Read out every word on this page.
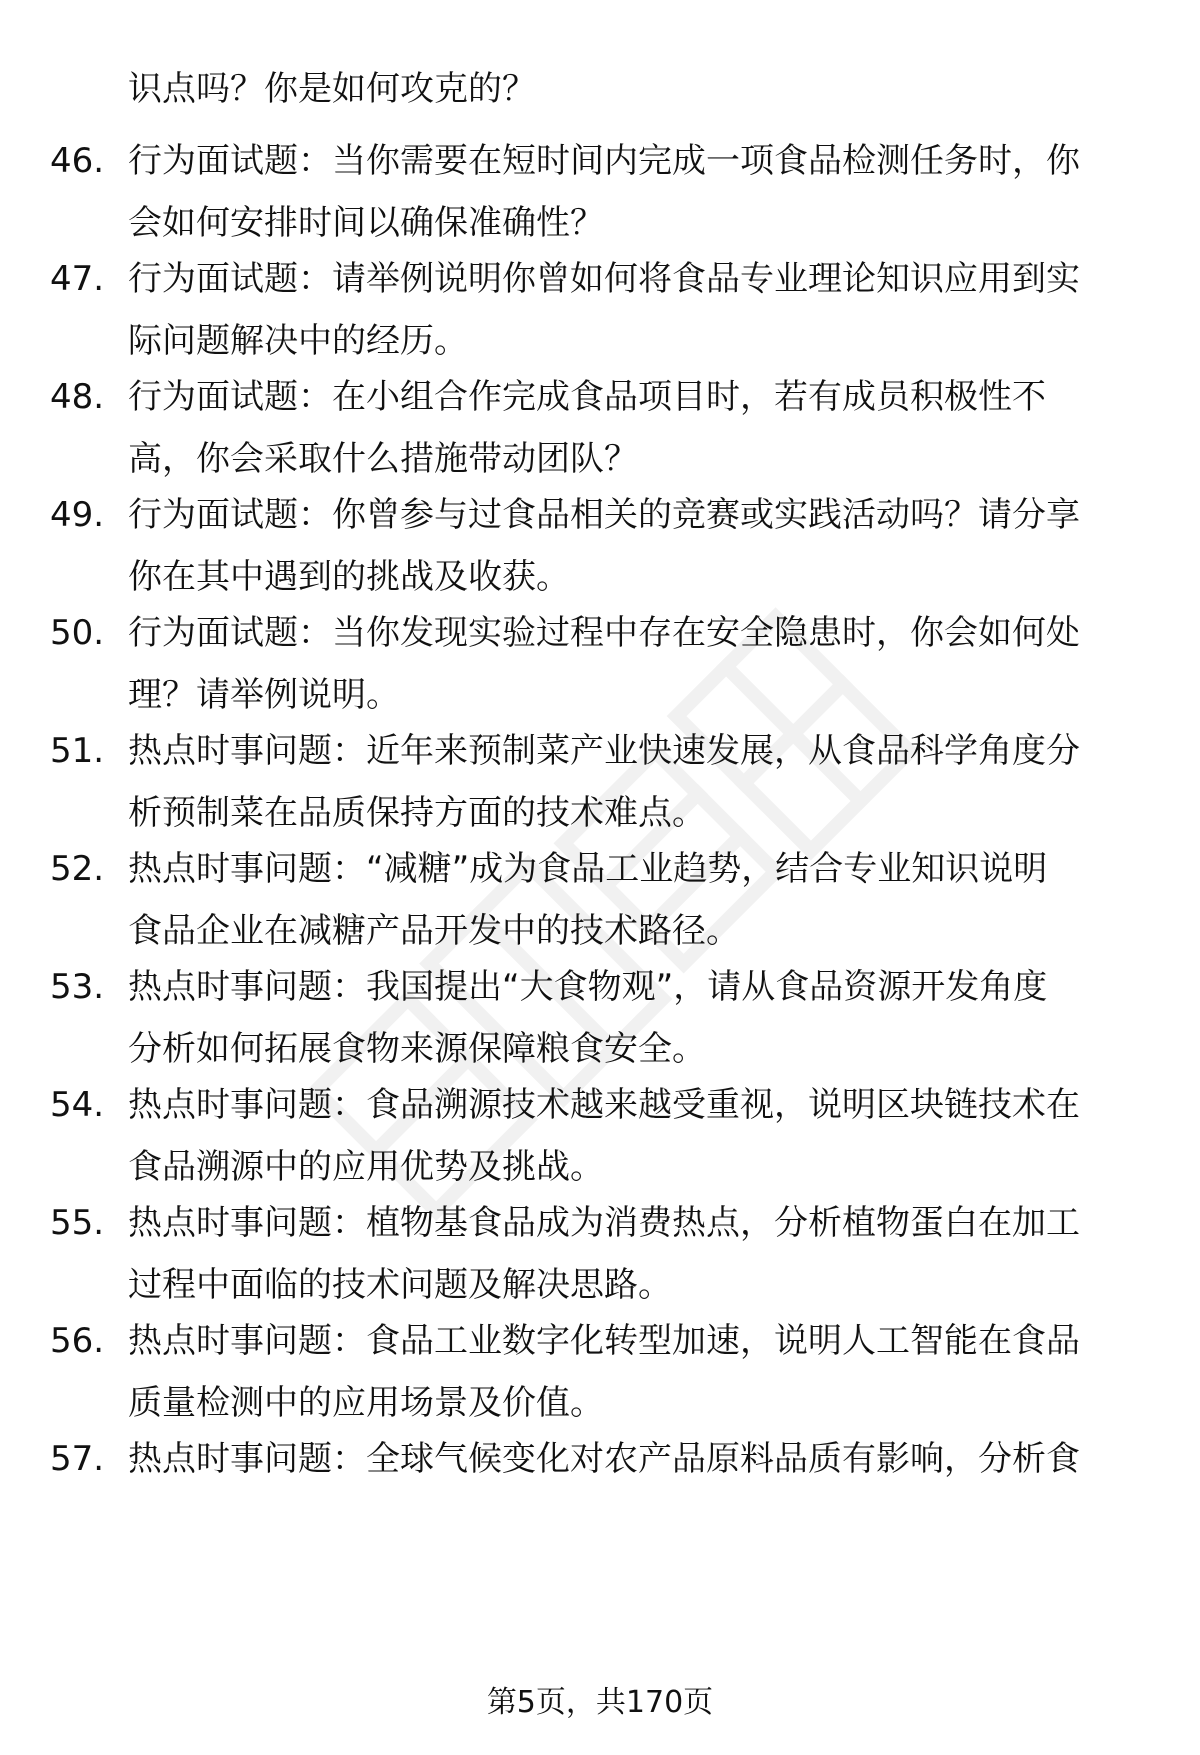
识点吗？你是如何攻克的？
46. 行为面试题：当你需要在短时间内完成一项食品检测任务时，你
会如何安排时间以确保准确性？
47. 行为面试题：请举例说明你曾如何将食品专业理论知识应用到实
际问题解决中的经历。
48. 行为面试题：在小组合作完成食品项目时，若有成员积极性不
高，你会采取什么措施带动团队？
49. 行为面试题：你曾参与过食品相关的竞赛或实践活动吗？请分享
你在其中遇到的挑战及收获。
50. 行为面试题：当你发现实验过程中存在安全隐患时，你会如何处
理？请举例说明。
51. 热点时事问题：近年来预制菜产业快速发展，从食品科学角度分
析预制菜在品质保持方面的技术难点。
52. 热点时事问题：“减糖”成为食品工业趋势，结合专业知识说明
食品企业在减糖产品开发中的技术路径。
53. 热点时事问题：我国提出“大食物观”，请从食品资源开发角度
分析如何拓展食物来源保障粮食安全。
54. 热点时事问题：食品溯源技术越来越受重视，说明区块链技术在
食品溯源中的应用优势及挑战。
55. 热点时事问题：植物基食品成为消费热点，分析植物蛋白在加工
过程中面临的技术问题及解决思路。
56. 热点时事问题：食品工业数字化转型加速，说明人工智能在食品
质量检测中的应用场景及价值。
57. 热点时事问题：全球气候变化对农产品原料品质有影响，分析食
第5页，共170页
